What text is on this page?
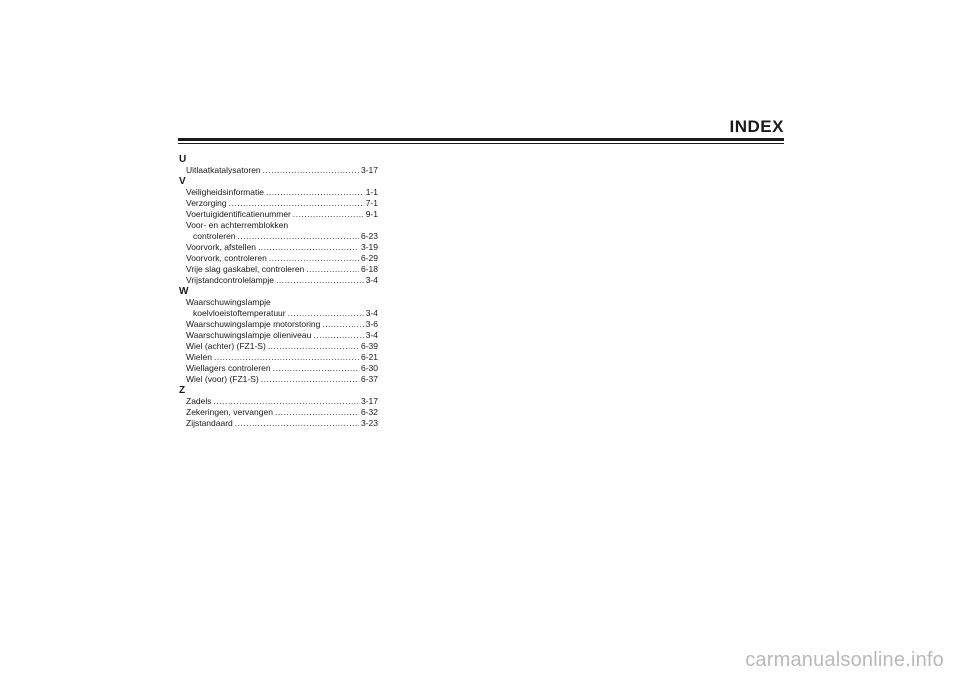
INDEX
U
Uitlaatkatalysatoren .....	3-17
V
Veiligheidsinformatie .....	1-1
Verzorging .....	7-1
Voertuigidentificatienummer .....	9-1
Voor- en achterremblokken
controleren .....	6-23
Voorvork, afstellen .....	3-19
Voorvork, controleren .....	6-29
Vrije slag gaskabel, controleren .....	6-18
Vrijstandcontrolelampje .....	3-4
W
Waarschuwingslampje
koelvloeistoftemperatuur .....	3-4
Waarschuwingslampje motorstoring .....	3-6
Waarschuwingslampje olieniveau .....	3-4
Wiel (achter) (FZ1-S) .....	6-39
Wielen .....	6-21
Wiellagers controleren .....	6-30
Wiel (voor) (FZ1-S) .....	6-37
Z
Zadels .....	3-17
Zekeringen, vervangen .....	6-32
Zijstandaard .....	3-23
carmanualsonline.info
